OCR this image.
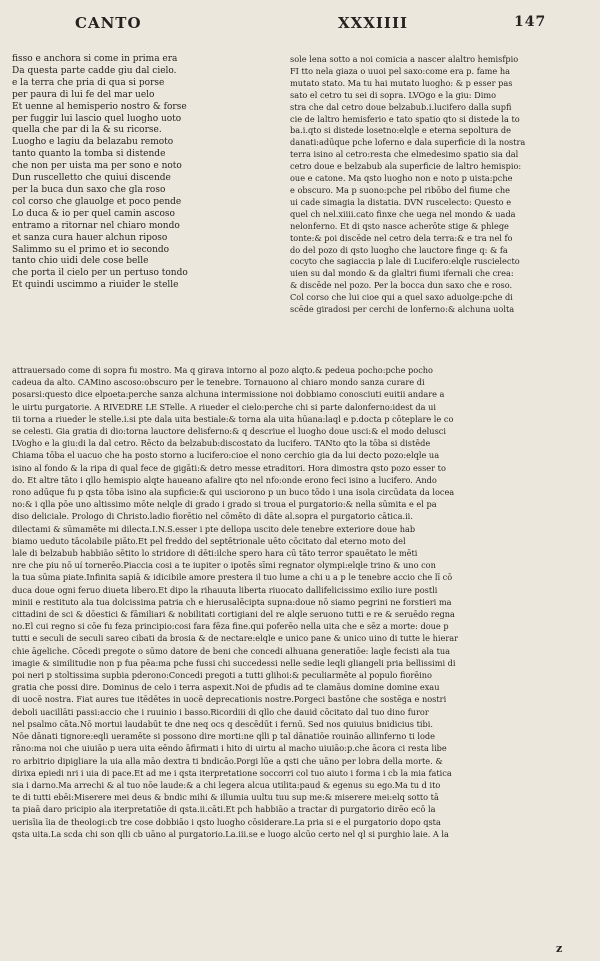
CANTO	XXXIIII	147
fisso e anchora si come in prima era
Da questa parte cadde giu dal cielo.
e la terra che pria di qua si porse
per paura di lui fe del mar uelo
Et uenne al hemisperio nostro & forse
per fuggir lui lascio quel luogho uoto
quella che par di la & su ricorse.
Luogho e lagiu da belazabu remoto
tanto quanto la tomba si distende
che non per uista ma per sono e noto
Dun ruscelletto che quiui discende
per la buca dun saxo che gla roso
col corso che glauolge et poco pende
Lo duca & io per quel camin ascoso
entramo a ritornar nel chiaro mondo
et sanza cura hauer alchun riposo
Salimmo su el primo et io secondo
tanto chio uidi dele cose belle
che porta il cielo per un pertuso tondo
Et quindi uscimmo a riuider le stelle
sole lena sotto a noi comicia a nascer alaltro hemisfpio
FI tto nela giaza o uuoi pel saxo:come era p. fame ha
mutato stato. Ma tu hai mutato luogho: & p esser pas
sato el cetro tu sei di sopra. LVOgo e la giu: Dimo
stra che dal cetro doue belzabub.i.lucifero dalla supfi
cie de laltro hemisferio e tato spatio qto si distede la to
ba.i.qto si distede losetno:elqle e eterna sepoltura de
danati:adūque pche loferno e dala superficie di la nostra
terra isino al cetro:resta che elmedesimo spatio sia dal
cetro doue e belzabub ala superficie de laltro hemispio:
oue e catone. Ma qsto luogho non e noto p uista:pche
e obscuro. Ma p suono:pche pel ribōbo del fiume che
ui cade simagia la distatia. DVN ruscelecto: Questo e
quel ch nel.xiiii.cato finxe che uega nel mondo & uada
nelonferno. Et di qsto nasce acherōte stige & phlege
tonte:& poi discēde nel cetro dela terra:& e tra nel fo
do del pozo di qsto luogho che lauctore finge q: & fa
cocyto che sagiaccia p lale di Lucifero:elqle ruscielecto
uien su dal mondo & da glaltri fiumi ifernali che crea:
& discēde nel pozo. Per la bocca dun saxo che e roso.
Col corso che lui cioe qui a quel saxo aduolge:pche di
scēde giradosi per cerchi de lonferno:& alchuna uolta
attrauersado come di sopra fu mostro. Ma q girava intorno al pozo alqto.& pedeua pocho:pche pocho
cadeua da alto. CAMino ascoso:obscuro per le tenebre. Tornauono al chiaro mondo sanza curare di
posarsi:questo dice elpoeta:perche sanza alchuna intermissione noi dobbiamo conosciuti euitii andare a
le uirtu purgatorie. A RIVEDRE LE STelle. A riueder el cielo:perche chi si parte dalonferno:idest da ui
tii torna a riueder le stelle.i.si pte dala uita bestiale:& torna ala uita hūana:laql e p.docta p cōteplare le co
se celesti. Gia gratia di dio:torna lauctore delisferno:& q descriue el luogho doue usci:& el modo delusci
LVogho e la giu:di la dal cetro. Rēcto da belzabub:discostato da lucifero. TANto qto la tōba si distēde
Chiama tōba el uacuo che ha posto storno a lucifero:cioe el nono cerchio gia da lui decto pozo:elqle ua
isino al fondo & la ripa di qual fece de gigāti:& detro messe etraditori. Hora dimostra qsto pozo esser to
do. Et altre tāto i qllo hemispio alqte haueano afalire qto nel nfo:onde erono feci isino a lucifero. Ando
rono adūque fu p qsta tōba isino ala supficie:& qui usciorono p un buco tōdo i una isola circūdata da locea
no:& i qlla pōe uno altissimo mōte nelqle di grado i grado si troua el purgatorio:& nella sūmita e el pa
diso deliciale. Prologo di Christo.ladio fiorētio nel cōmēto di dāte al.sopra el purgatorio cātica.ii.
dilectami & sūmamēte mi dilecta.I.N.S.esser i pte dellopa uscito dele tenebre exteriore doue hab
biamo ueduto tācolabile piāto.Et pel freddo del septētrionale uēto cōcitato dal eterno moto del
lale di belzabub habbiāo sētito lo stridore di dēti:ilche spero hara cū tāto terror spauētato le mēti
nre che piu nō uí tornerēo.Piaccia cosi a te iupiter o ipotēs sīmi regnator olympi:elqle trino & uno con
la tua sūma piate.Infinita sapiā & idicibile amore prestera il tuo lume a chi u a p le tenebre accio che lī cō
duca doue ogni feruo diueta libero.Et dipo la rihauuta liberta riuocato dallifelicissimo exilio iure postli
minii e restituto ala tua dolcissima patria ch e hierusalēcipta supna:doue nō siamo pegrini ne forstieri ma
cittadini de sci & dōestici & fāmiliari & nobilitati cortigiani del re alqle seruono tutti e re & seruēdo regna
no.El cui regno si cōe fu feza principio:cosi fara fēza fine.qui poferēo nella uita che e sēz a morte: doue p
tutti e seculi de seculi sareo cibati da brosia & de nectare:elqle e unico pane & unico uino di tutte le hierar
chie āgeliche. Cōcedi pregote o sūmo datore de beni che concedi alhuana generatiōe: laqle fecisti ala tua
imagie & similitudie non p fua pēa:ma pche fussi chi succedessi nelle sedie leqli gliangeli pria bellissimi di
poi neri p stoltissima supbia pderono:Concedi pregoti a tutti glihoi:& peculiarmēte al populo fiorēino
gratia che possi dire. Dominus de celo i terra aspexit.Noi de pfudis ad te clamāus domine domine exau
di uocē nostra. Fiat aures tue itēdētes in uocē deprecationis nostre.Porgeci bastōne che sostēga e nostri
deboli uacillāti passi:accio che i ruuinio i basso.Ricordiii di qllo che dauid cōcitato dal tuo dino furor
nel psalmo cāta.Nō mortui laudabūt te dne neq ocs q descēdūt i fernū. Sed nos quiuius bnidicius tibi.
Nōe dānati tignore:eqli ueramēte si possono dire morti:ne qlli p tal dānatiōe rouināo allinferno ti lode
rāno:ma noi che uiuiāo p uera uita eēndo āfirmati i hito di uirtu al macho uiuiāo:p.che ācora ci resta libe
ro arbitrio dipigliare la uia alla māo dextra ti bndicāo.Porgi lūe a qsti che uāno per lobra della morte. &
dirixa epiedi nri i uia di pace.Et ad me i qsta iterpretatione soccorri col tuo aiuto i forma i cb la mia fatica
sia i darno.Ma arrechi & al tuo nōe laude:& a chi legera alcua utilita:paud & egenus su ego.Ma tu d ito
te di tutti ebēi:Miserere mei deus & bndic mihi & illumia uultu tuu sup me:& miserere mei:elq sotto tā
ta piaā daro pricipio ala iterpretatiōe di qsta.ii.cāti.Et pch habbiāo a tractar di purgatorio dirēo ecō la
uerisīia īia de theologi:cb tre cose dobbiāo i qsto luogho cōsiderare.La pria si e el purgatorio dopo qsta
qsta uita.La scda chi son qlli cb uāno al purgatorio.La.iii.se e luogo alcūo certo nel ql si purghio laie. A la
z
